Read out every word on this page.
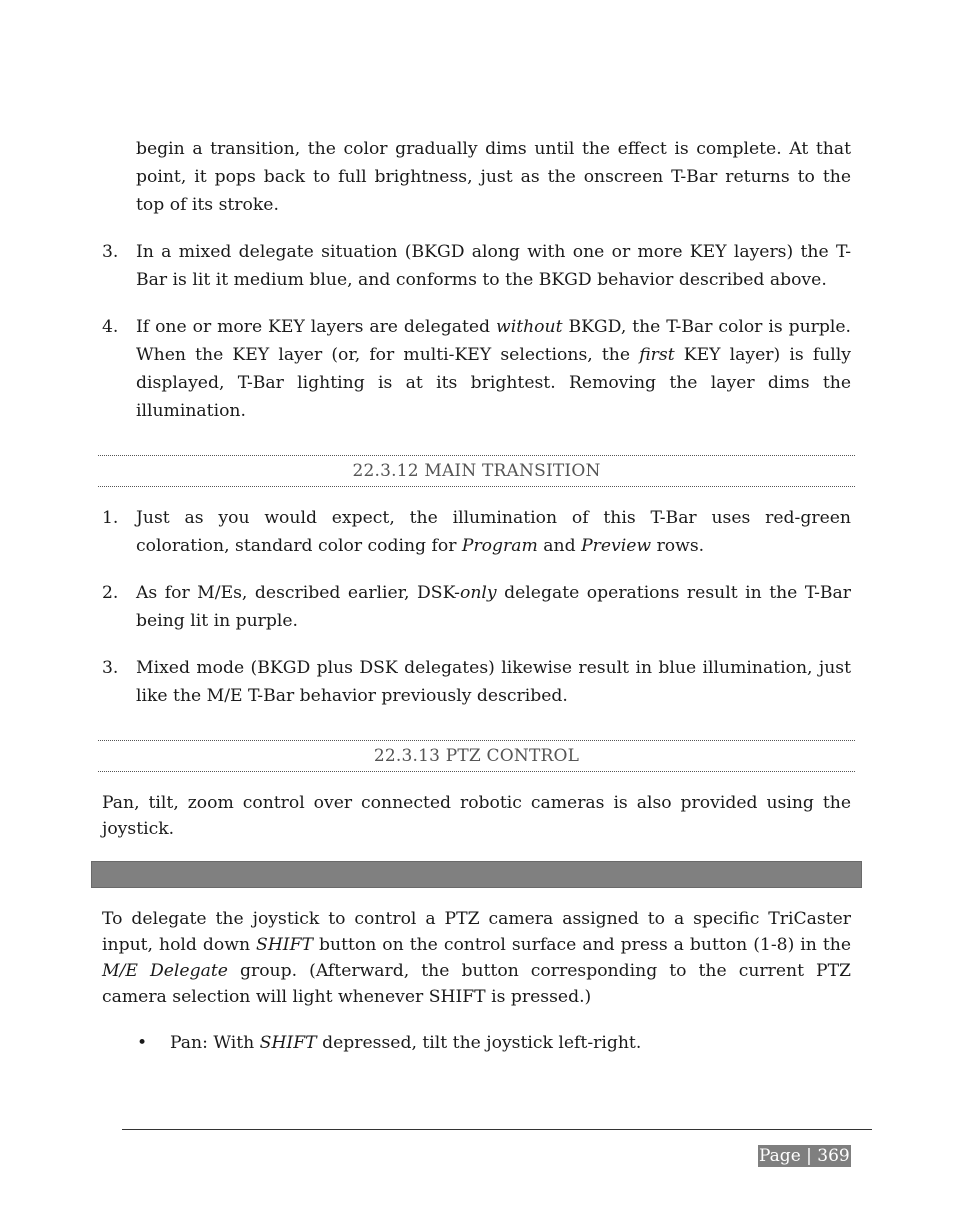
begin a transition, the color gradually dims until the effect is complete. At that
point, it pops back to full brightness, just as the onscreen T-Bar returns to the
top of its stroke.
3.	In a mixed delegate situation (BKGD along with one or more KEY layers) the T-
Bar is lit it medium blue, and conforms to the BKGD behavior described above.
4.	If one or more KEY layers are delegated without BKGD, the T-Bar color is purple.
When the KEY layer (or, for multi-KEY selections, the first KEY layer) is fully
displayed, T-Bar lighting is at its brightest. Removing the layer dims the
illumination.
22.3.12 MAIN TRANSITION
1.	Just as you would expect, the illumination of this T-Bar uses red-green
coloration, standard color coding for Program and Preview rows.
2.	As for M/Es, described earlier, DSK-only delegate operations result in the T-Bar
being lit in purple.
3.	Mixed mode (BKGD plus DSK delegates) likewise result in blue illumination, just
like the M/E T-Bar behavior previously described.
22.3.13 PTZ CONTROL
Pan, tilt, zoom control over connected robotic cameras is also provided using the
joystick.
To delegate the joystick to control a PTZ camera assigned to a specific TriCaster
input, hold down SHIFT button on the control surface and press a button (1-8) in the
M/E Delegate group. (Afterward, the button corresponding to the current PTZ
camera selection will light whenever SHIFT is pressed.)
• Pan: With SHIFT depressed, tilt the joystick left-right.
Page | 369
